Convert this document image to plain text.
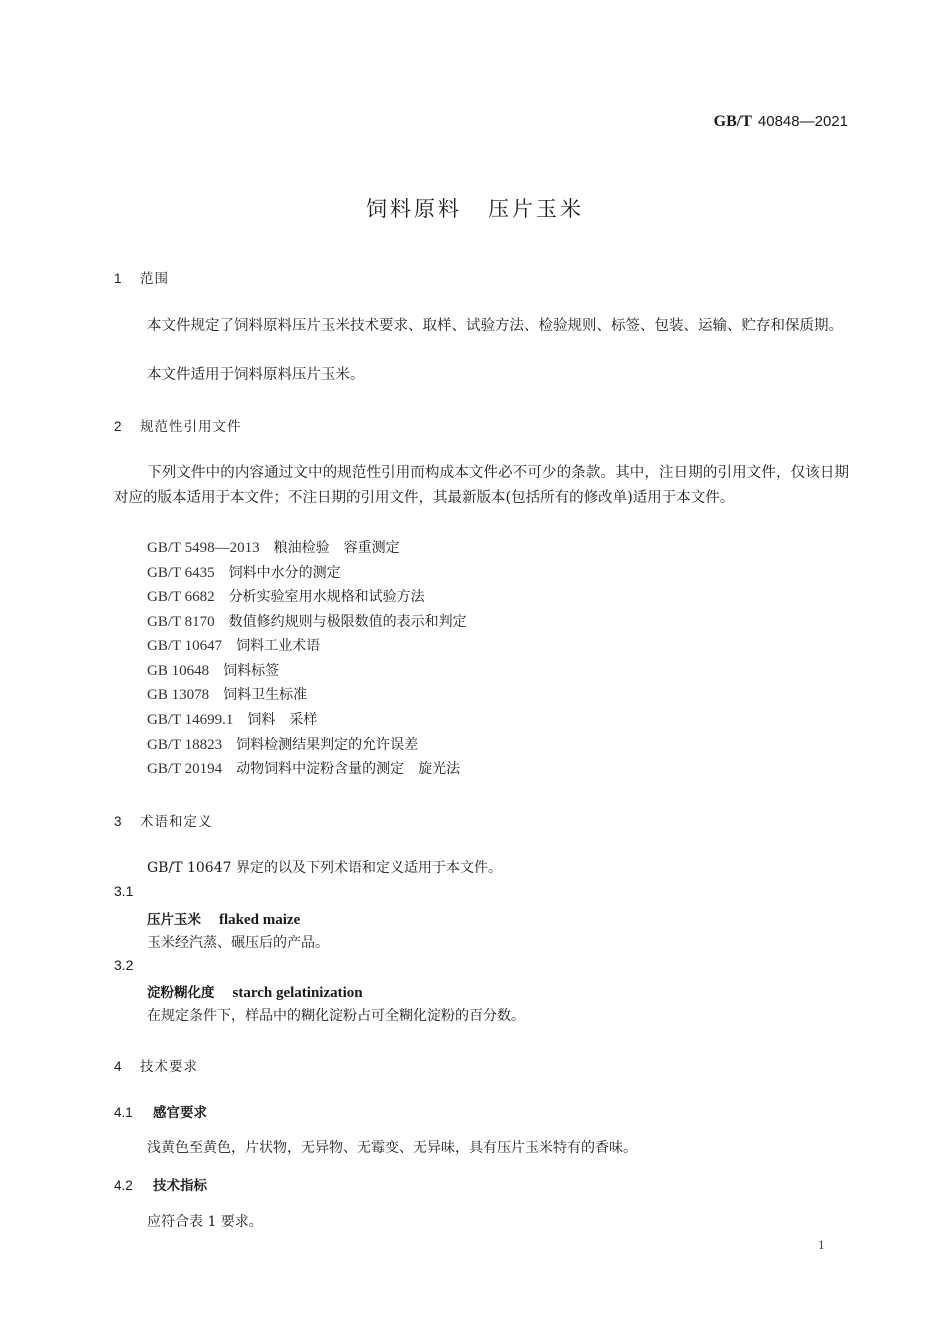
GB/T 40848—2021
饲料原料 压片玉米
1 范围
本文件规定了饲料原料压片玉米技术要求、取样、试验方法、检验规则、标签、包装、运输、贮存和保质期。
本文件适用于饲料原料压片玉米。
2 规范性引用文件
下列文件中的内容通过文中的规范性引用而构成本文件必不可少的条款。其中，注日期的引用文件，仅该日期对应的版本适用于本文件；不注日期的引用文件，其最新版本(包括所有的修改单)适用于本文件。
GB/T 5498—2013 粮油检验　容重测定
GB/T 6435 饲料中水分的测定
GB/T 6682 分析实验室用水规格和试验方法
GB/T 8170 数值修约规则与极限数值的表示和判定
GB/T 10647 饲料工业术语
GB 10648 饲料标签
GB 13078 饲料卫生标准
GB/T 14699.1 饲料　采样
GB/T 18823 饲料检测结果判定的允许误差
GB/T 20194 动物饲料中淀粉含量的测定　旋光法
3 术语和定义
GB/T 10647 界定的以及下列术语和定义适用于本文件。
3.1
压片玉米 flaked maize
玉米经汽蒸、碾压后的产品。
3.2
淀粉糊化度 starch gelatinization
在规定条件下，样品中的糊化淀粉占可全糊化淀粉的百分数。
4 技术要求
4.1 感官要求
浅黄色至黄色，片状物，无异物、无霉变、无异味，具有压片玉米特有的香味。
4.2 技术指标
应符合表 1 要求。
1
